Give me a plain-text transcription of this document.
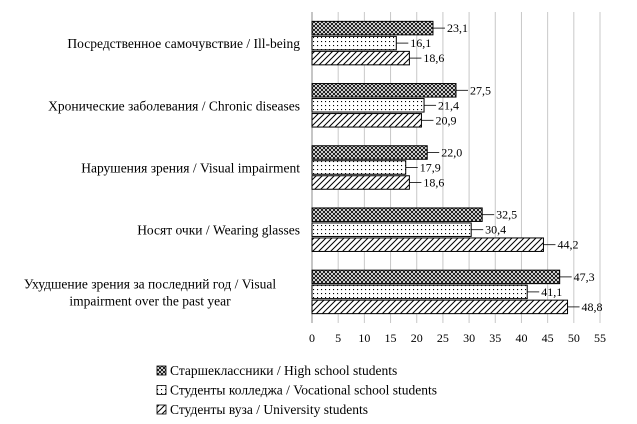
23,1
16,1
18,6
27,5
21,4
20,9
22,0
17,9
18,6
32,5
30,4
44,2
47,3
41,1
48,8
Посредственное самочувствие / Ill-being
Хронические заболевания / Chronic diseases
Нарушения зрения / Visual impairment
Носят очки / Wearing glasses
Ухудшение зрения за последний год / Visual impairment over the past year
0 5 10 15 20 25 30 35 40 45 50 55
Старшеклассники / High school students
Студенты колледжа / Vocational school students
Студенты вуза / University students
